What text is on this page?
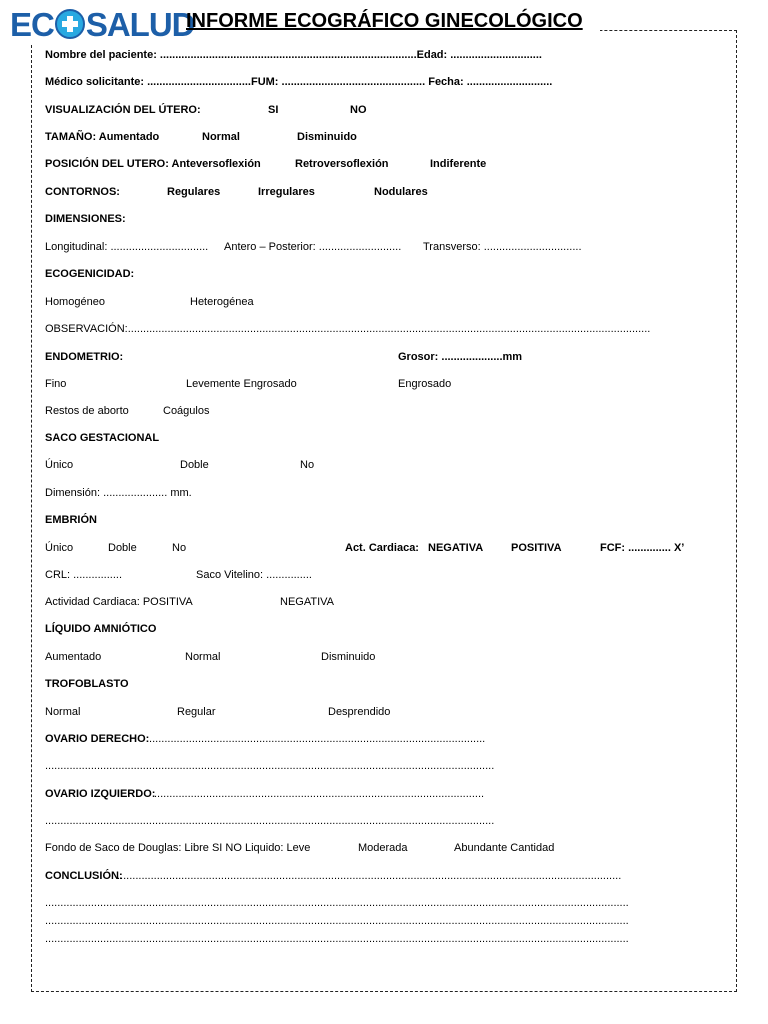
EC SALUD
INFORME ECOGRÁFICO GINECOLÓGICO
Nombre del paciente: ....................................................................................Edad: ..............................
Médico solicitante: ..................................FUM: ............................................... Fecha: ............................
VISUALIZACIÓN DEL ÚTERO:	SI	NO
TAMAÑO: Aumentado	Normal	Disminuido
POSICIÓN DEL UTERO: Anteversoflexión	Retroversoflexión	Indiferente
CONTORNOS:	Regulares	Irregulares	Nodulares
DIMENSIONES:
Longitudinal: ................................ Antero – Posterior: ........................... Transverso: ................................
ECOGENICIDAD:
Homogéneo	Heterogénea
OBSERVACIÓN:...........................................................................................................................................................................
ENDOMETRIO:	Grosor: ....................mm
Fino	Levemente Engrosado	Engrosado
Restos de aborto	Coágulos
SACO GESTACIONAL
Único	Doble	No
Dimensión: ..................... mm.
EMBRIÓN
Único	Doble	No	Act. Cardiaca: NEGATIVA	POSITIVA	FCF: .............. X’
CRL: ................	Saco Vitelino: ...............
Actividad Cardiaca: POSITIVA	NEGATIVA
LÍQUIDO AMNIÓTICO
Aumentado	Normal	Disminuido
TROFOBLASTO
Normal	Regular	Desprendido
OVARIO DERECHO:
...............................................................................................................
...................................................................................................................................................
OVARIO IZQUIERDO:
............................................................................................................
...................................................................................................................................................
Fondo de Saco de Douglas: Libre SI NO Liquido: Leve	Moderada	Abundante Cantidad
CONCLUSIÓN:
.....................................................................................................................................................................
...............................................................................................................................................................................................
...............................................................................................................................................................................................
...............................................................................................................................................................................................
